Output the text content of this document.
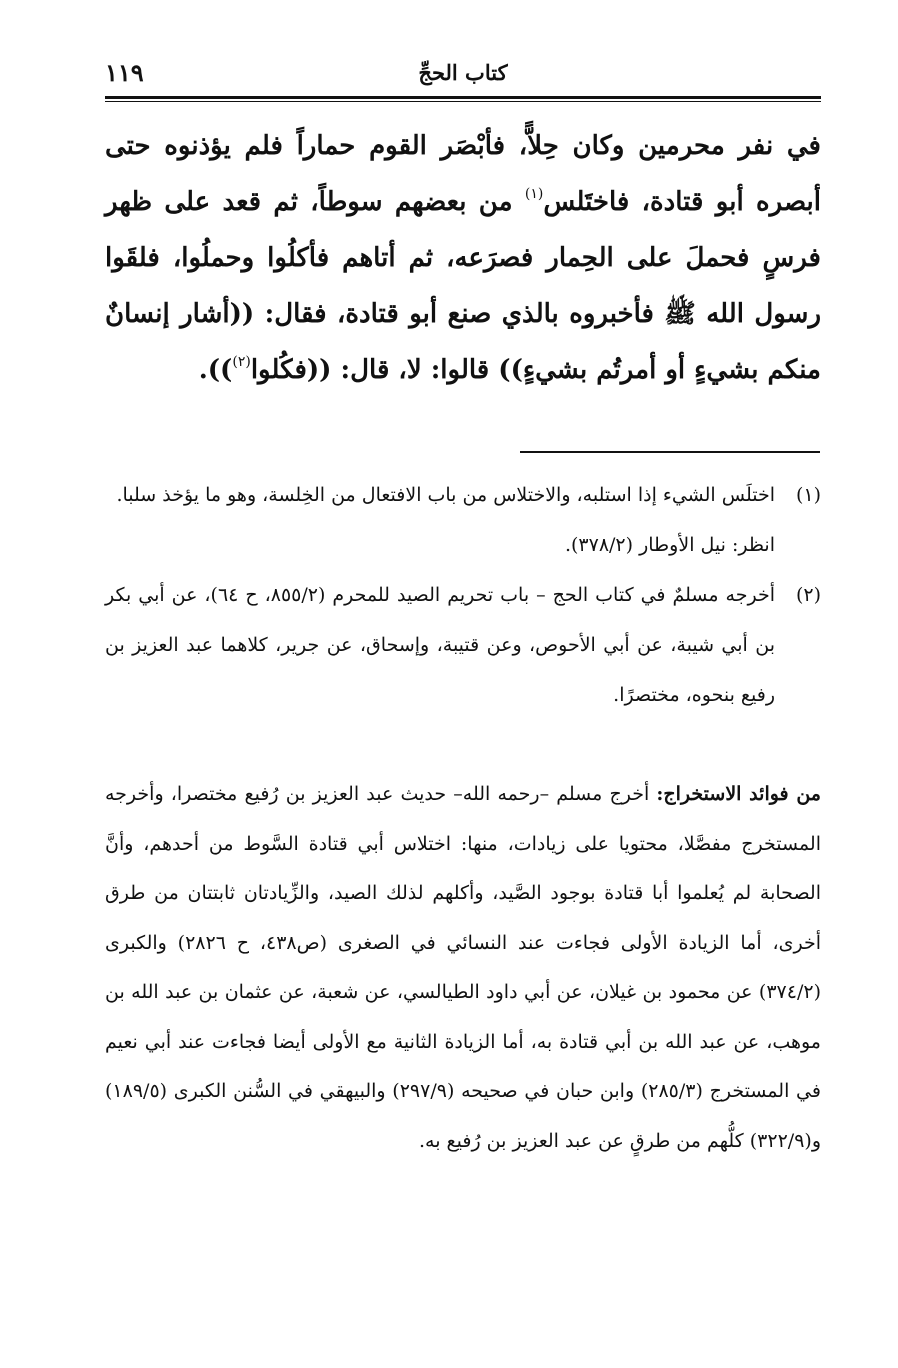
كتاب الحجِّ
١١٩

في نفر محرمين وكان حِلاًّ، فأبْصَر القوم حماراً فلم يؤذنوه حتى أبصره أبو قتادة، فاختَلس$^{(١)}$ من بعضهم سوطاً، ثم قعد على ظهر فرسٍ فحملَ على الحِمار فصرَعه، ثم أتاهم فأكلُوا وحملُوا، فلقَوا رسول الله ﷺ فأخبروه بالذي صنع أبو قتادة، فقال: ((أشار إنسانٌ منكم بشيءٍ أو أمرتُم بشيءٍ)) قالوا: لا، قال: ((فكُلوا$^{(٢)}$)).

(١)
اختلَس الشيء إذا استلبه، والاختلاس من باب الافتعال من الخِلسة، وهو ما يؤخذ سلبا.
انظر: نيل الأوطار (٣٧٨/٢).
(٢)
أخرجه مسلمٌ في كتاب الحج – باب تحريم الصيد للمحرم (٨٥٥/٢، ح ٦٤)، عن أبي بكر بن أبي شيبة، عن أبي الأحوص، وعن قتيبة، وإسحاق، عن جرير، كلاهما عبد العزيز بن رفيع بنحوه، مختصرًا.
من فوائد الاستخراج: أخرج مسلم –رحمه الله– حديث عبد العزيز بن رُفيع مختصرا، وأخرجه المستخرج مفصَّلا، محتويا على زيادات، منها: اختلاس أبي قتادة السَّوط من أحدهم، وأنَّ الصحابة لم يُعلموا أبا قتادة بوجود الصَّيد، وأكلهم لذلك الصيد، والزِّيادتان ثابتتان من طرق أخرى، أما الزيادة الأولى فجاءت عند النسائي في الصغرى (ص٤٣٨، ح ٢٨٢٦) والكبرى (٣٧٤/٢) عن محمود بن غيلان، عن أبي داود الطيالسي، عن شعبة، عن عثمان بن عبد الله بن موهب، عن عبد الله بن أبي قتادة به، أما الزيادة الثانية مع الأولى أيضا فجاءت عند أبي نعيم في المستخرج (٢٨٥/٣) وابن حبان في صحيحه (٢٩٧/٩) والبيهقي في السُّنن الكبرى (١٨٩/٥) و(٣٢٢/٩) كلُّهم من طرقٍ عن عبد العزيز بن رُفيع به.
